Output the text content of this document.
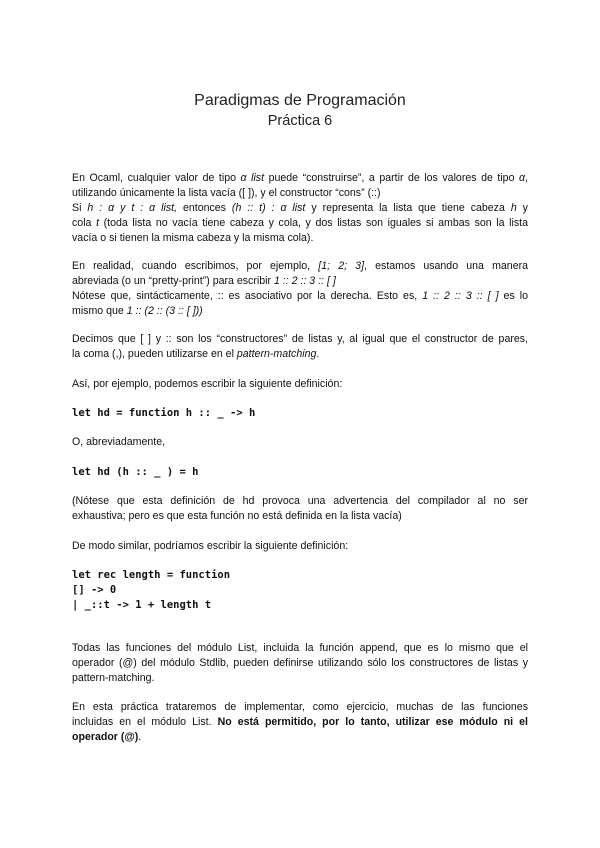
Paradigmas de Programación
Práctica 6
En Ocaml, cualquier valor de tipo α list puede “construirse”, a partir de los valores de tipo α,
utilizando únicamente la lista vacía ([ ]), y el constructor “cons” (::)
Si h : α y t : α list, entonces (h :: t) : α list y representa la lista que tiene cabeza h y
cola t (toda lista no vacía tiene cabeza y cola, y dos listas son iguales si ambas son la lista
vacía o si tienen la misma cabeza y la misma cola).
En realidad, cuando escribimos, por ejemplo, [1; 2; 3], estamos usando una manera
abreviada (o un “pretty-print”) para escribir 1 :: 2 :: 3 :: [ ]
Nótese que, sintácticamente, :: es asociativo por la derecha. Esto es, 1 :: 2 :: 3 :: [ ] es lo
mismo que 1 :: (2 :: (3 :: [ ]))
Decimos que [ ] y :: son los “constructores” de listas y, al igual que el constructor de pares,
la coma (,), pueden utilizarse en el pattern-matching.
Así, por ejemplo, podemos escribir la siguiente definición:
let hd = function h :: _ -> h
O, abreviadamente,
let hd (h :: _ ) = h
(Nótese que esta definición de hd provoca una advertencia del compilador al no ser
exhaustiva; pero es que esta función no está definida en la lista vacía)
De modo similar, podríamos escribir la siguiente definición:
let rec length = function
[] -> 0
| _::t -> 1 + length t
Todas las funciones del módulo List, incluida la función append, que es lo mismo que el
operador (@) del módulo Stdlib, pueden definirse utilizando sólo los constructores de listas y
pattern-matching.
En esta práctica trataremos de implementar, como ejercicio, muchas de las funciones
incluidas en el módulo List. No está permitido, por lo tanto, utilizar ese módulo ni el
operador (@).
